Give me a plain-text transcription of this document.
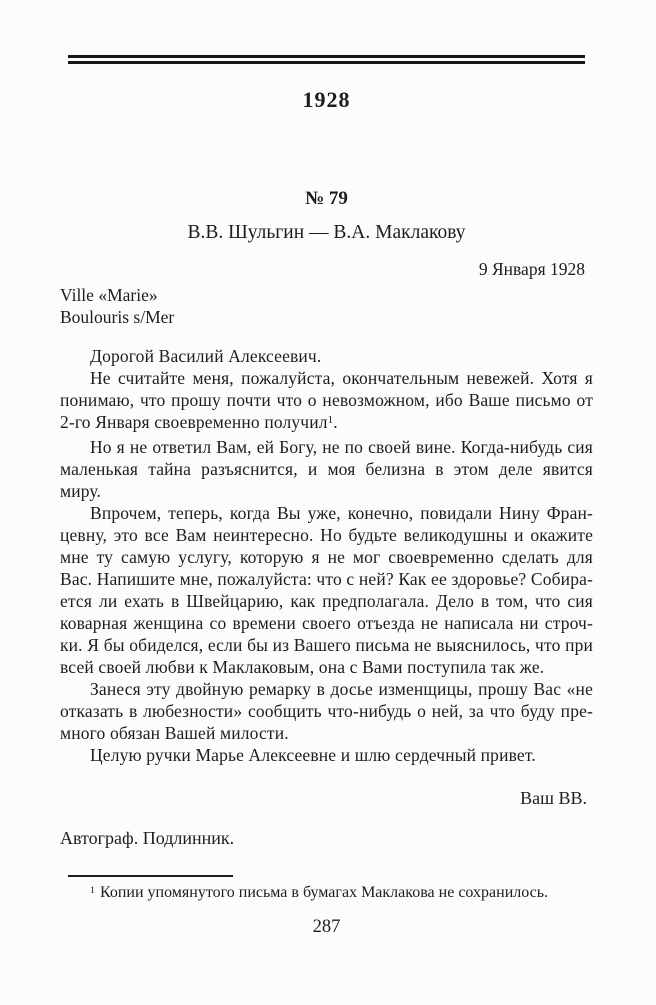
1928
№ 79
В.В. Шульгин — В.А. Маклакову
9 Января 1928
Ville «Marie»
Boulouris s/Mer
Дорогой Василий Алексеевич.
Не считайте меня, пожалуйста, окончательным невежей. Хотя я
понимаю, что прошу почти что о невозможном, ибо Ваше письмо от
2-го Января своевременно получил$^1$.
Но я не ответил Вам, ей Богу, не по своей вине. Когда-нибудь сия
маленькая тайна разъяснится, и моя белизна в этом деле явится
миру.
Впрочем, теперь, когда Вы уже, конечно, повидали Нину Фран-
цевну, это все Вам неинтересно. Но будьте великодушны и окажите
мне ту самую услугу, которую я не мог своевременно сделать для
Вас. Напишите мне, пожалуйста: что с ней? Как ее здоровье? Собира-
ется ли ехать в Швейцарию, как предполагала. Дело в том, что сия
коварная женщина со времени своего отъезда не написала ни строч-
ки. Я бы обиделся, если бы из Вашего письма не выяснилось, что при
всей своей любви к Маклаковым, она с Вами поступила так же.
Занеся эту двойную ремарку в досье изменщицы, прошу Вас «не
отказать в любезности» сообщить что-нибудь о ней, за что буду пре-
много обязан Вашей милости.
Целую ручки Марье Алексеевне и шлю сердечный привет.
Ваш ВВ.
Автограф. Подлинник.
$^1$ Копии упомянутого письма в бумагах Маклакова не сохранилось.
287
